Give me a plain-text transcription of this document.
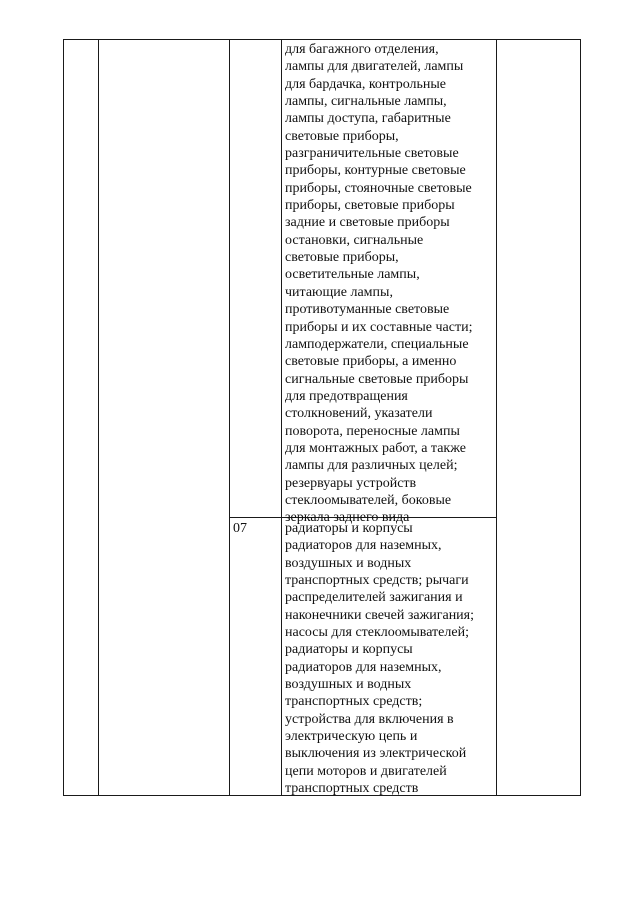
для багажного отделения,
лампы для двигателей, лампы
для бардачка, контрольные
лампы, сигнальные лампы,
лампы доступа, габаритные
световые приборы,
разграничительные световые
приборы, контурные световые
приборы, стояночные световые
приборы, световые приборы
задние и световые приборы
остановки, сигнальные
световые приборы,
осветительные лампы,
читающие лампы,
противотуманные световые
приборы и их составные части;
ламподержатели, специальные
световые приборы, а именно
сигнальные световые приборы
для предотвращения
столкновений, указатели
поворота, переносные лампы
для монтажных работ, а также
лампы для различных целей;
резервуары устройств
стеклоомывателей, боковые
зеркала заднего вида
07	радиаторы и корпусы
радиаторов для наземных,
воздушных и водных
транспортных средств; рычаги
распределителей зажигания и
наконечники свечей зажигания;
насосы для стеклоомывателей;
радиаторы и корпусы
радиаторов для наземных,
воздушных и водных
транспортных средств;
устройства для включения в
электрическую цепь и
выключения из электрической
цепи моторов и двигателей
транспортных средств
